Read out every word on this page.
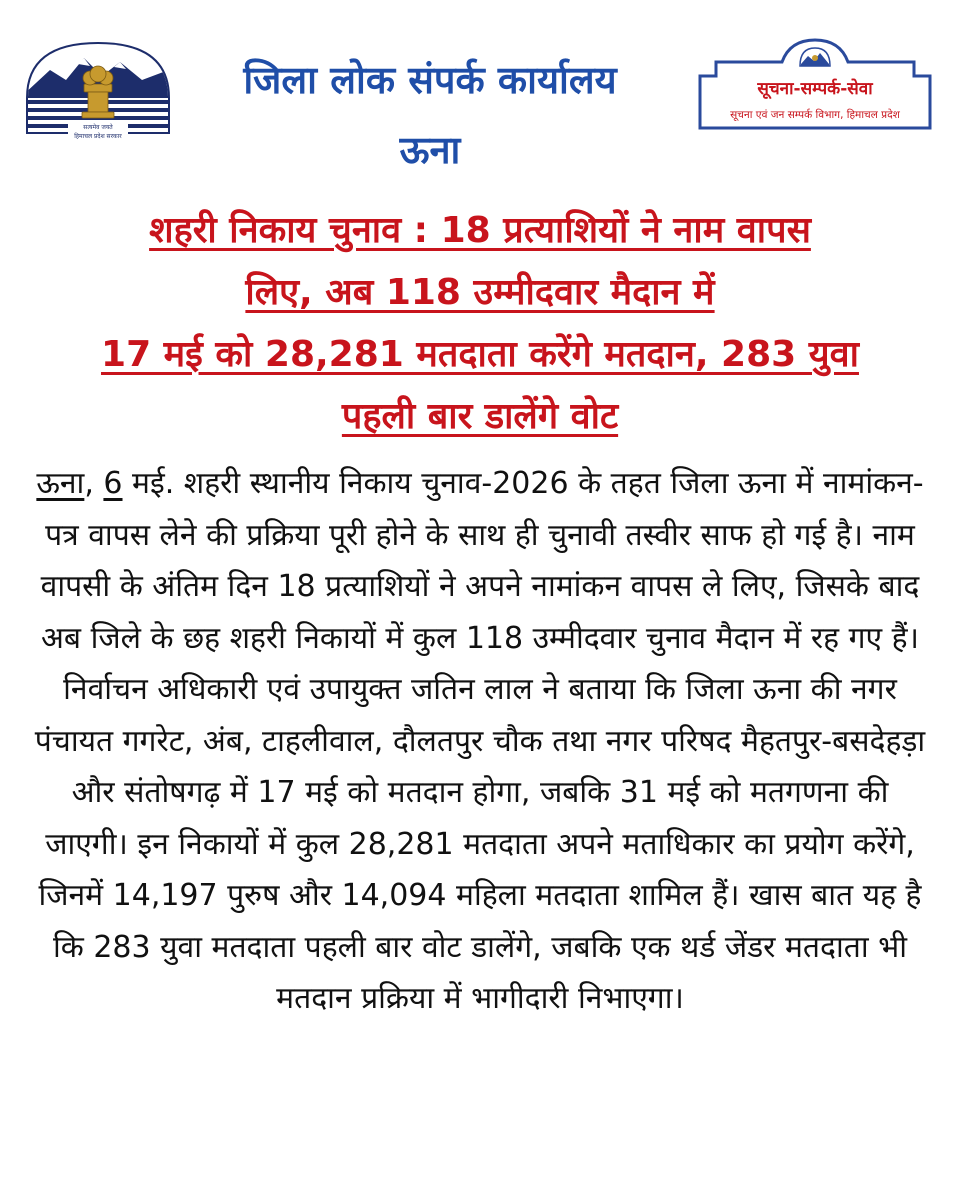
सत्यमेव जयते
हिमाचल प्रदेश सरकार
जिला लोक संपर्क कार्यालय
ऊना
सूचना-सम्पर्क-सेवा
सूचना एवं जन सम्पर्क विभाग, हिमाचल प्रदेश
शहरी निकाय चुनाव : 18 प्रत्याशियों ने नाम वापस
लिए, अब 118 उम्मीदवार मैदान में
17 मई को 28,281 मतदाता करेंगे मतदान, 283 युवा
पहली बार डालेंगे वोट
ऊना, 6 मई. शहरी स्थानीय निकाय चुनाव-2026 के तहत जिला ऊना में नामांकन-पत्र वापस लेने की प्रक्रिया पूरी होने के साथ ही चुनावी तस्वीर साफ हो गई है। नाम वापसी के अंतिम दिन 18 प्रत्याशियों ने अपने नामांकन वापस ले लिए, जिसके बाद अब जिले के छह शहरी निकायों में कुल 118 उम्मीदवार चुनाव मैदान में रह गए हैं। निर्वाचन अधिकारी एवं उपायुक्त जतिन लाल ने बताया कि जिला ऊना की नगर पंचायत गगरेट, अंब, टाहलीवाल, दौलतपुर चौक तथा नगर परिषद मैहतपुर-बसदेहड़ा और संतोषगढ़ में 17 मई को मतदान होगा, जबकि 31 मई को मतगणना की जाएगी। इन निकायों में कुल 28,281 मतदाता अपने मताधिकार का प्रयोग करेंगे, जिनमें 14,197 पुरुष और 14,094 महिला मतदाता शामिल हैं। खास बात यह है कि 283 युवा मतदाता पहली बार वोट डालेंगे, जबकि एक थर्ड जेंडर मतदाता भी मतदान प्रक्रिया में भागीदारी निभाएगा।
